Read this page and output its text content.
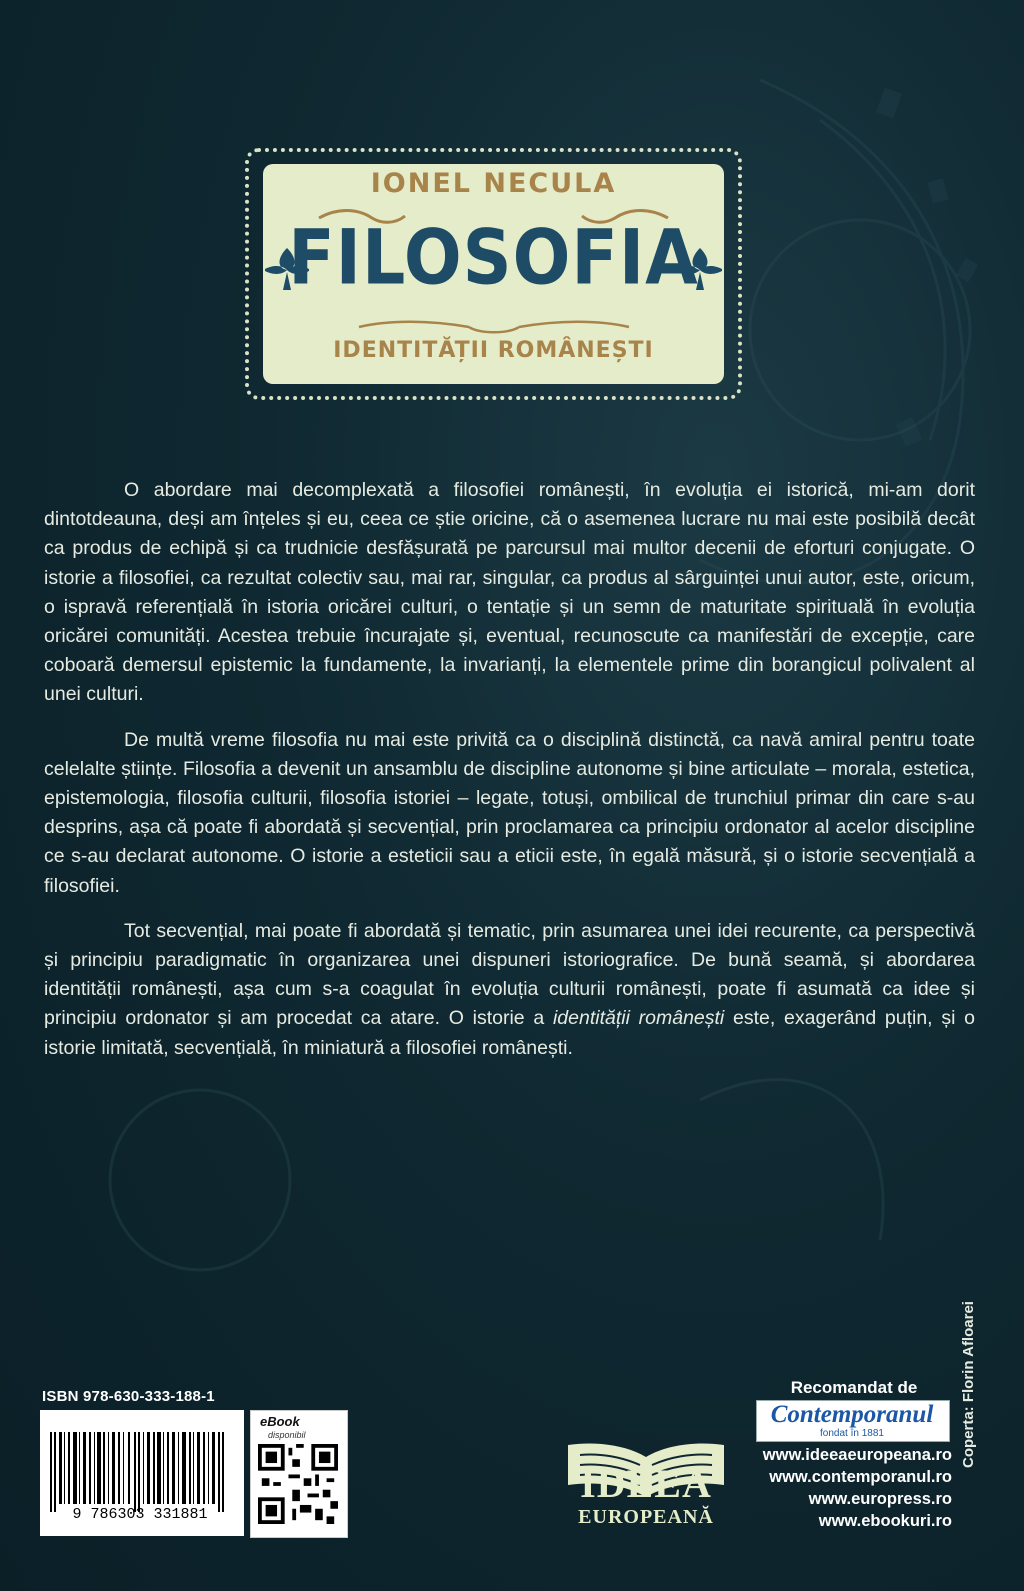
IONEL NECULA
FILOSOFIA
IDENTITĂȚII ROMÂNEȘTI

O abordare mai decomplexată a filosofiei românești, în evoluția ei istorică, mi-am dorit dintotdeauna, deși am înțeles și eu, ceea ce știe oricine, că o asemenea lucrare nu mai este posibilă decât ca produs de echipă și ca trudnicie desfășurată pe parcursul mai multor decenii de eforturi conjugate. O istorie a filosofiei, ca rezultat colectiv sau, mai rar, singular, ca produs al sârguinței unui autor, este, oricum, o ispravă referențială în istoria oricărei culturi, o tentație și un semn de maturitate spirituală în evoluția oricărei comunități. Acestea trebuie încurajate și, eventual, recunoscute ca manifestări de excepție, care coboară demersul epistemic la fundamente, la invarianți, la elementele prime din borangicul polivalent al unei culturi.

De multă vreme filosofia nu mai este privită ca o disciplină distinctă, ca navă amiral pentru toate celelalte științe. Filosofia a devenit un ansamblu de discipline autonome și bine articulate – morala, estetica, epistemologia, filosofia culturii, filosofia istoriei – legate, totuși, ombilical de trunchiul primar din care s-au desprins, așa că poate fi abordată și secvențial, prin proclamarea ca principiu ordonator al acelor discipline ce s-au declarat autonome. O istorie a esteticii sau a eticii este, în egală măsură, și o istorie secvențială a filosofiei.

Tot secvențial, mai poate fi abordată și tematic, prin asumarea unei idei recurente, ca perspectivă și principiu paradigmatic în organizarea unei dispuneri istoriografice. De bună seamă, și abordarea identității românești, așa cum s-a coagulat în evoluția culturii românești, poate fi asumată ca idee și principiu ordonator și am procedat ca atare. O istorie a identității românești este, exagerând puțin, și o istorie limitată, secvențială, în miniatură a filosofiei românești.

Coperta: Florin Afloarei
ISBN 978-630-333-188-1
9 786303 331881
eBook
disponibil
IDEEA
EUROPEANĂ
Recomandat de
Contemporanul
fondat în 1881
www.ideeaeuropeana.ro
www.contemporanul.ro
www.europress.ro
www.ebookuri.ro
